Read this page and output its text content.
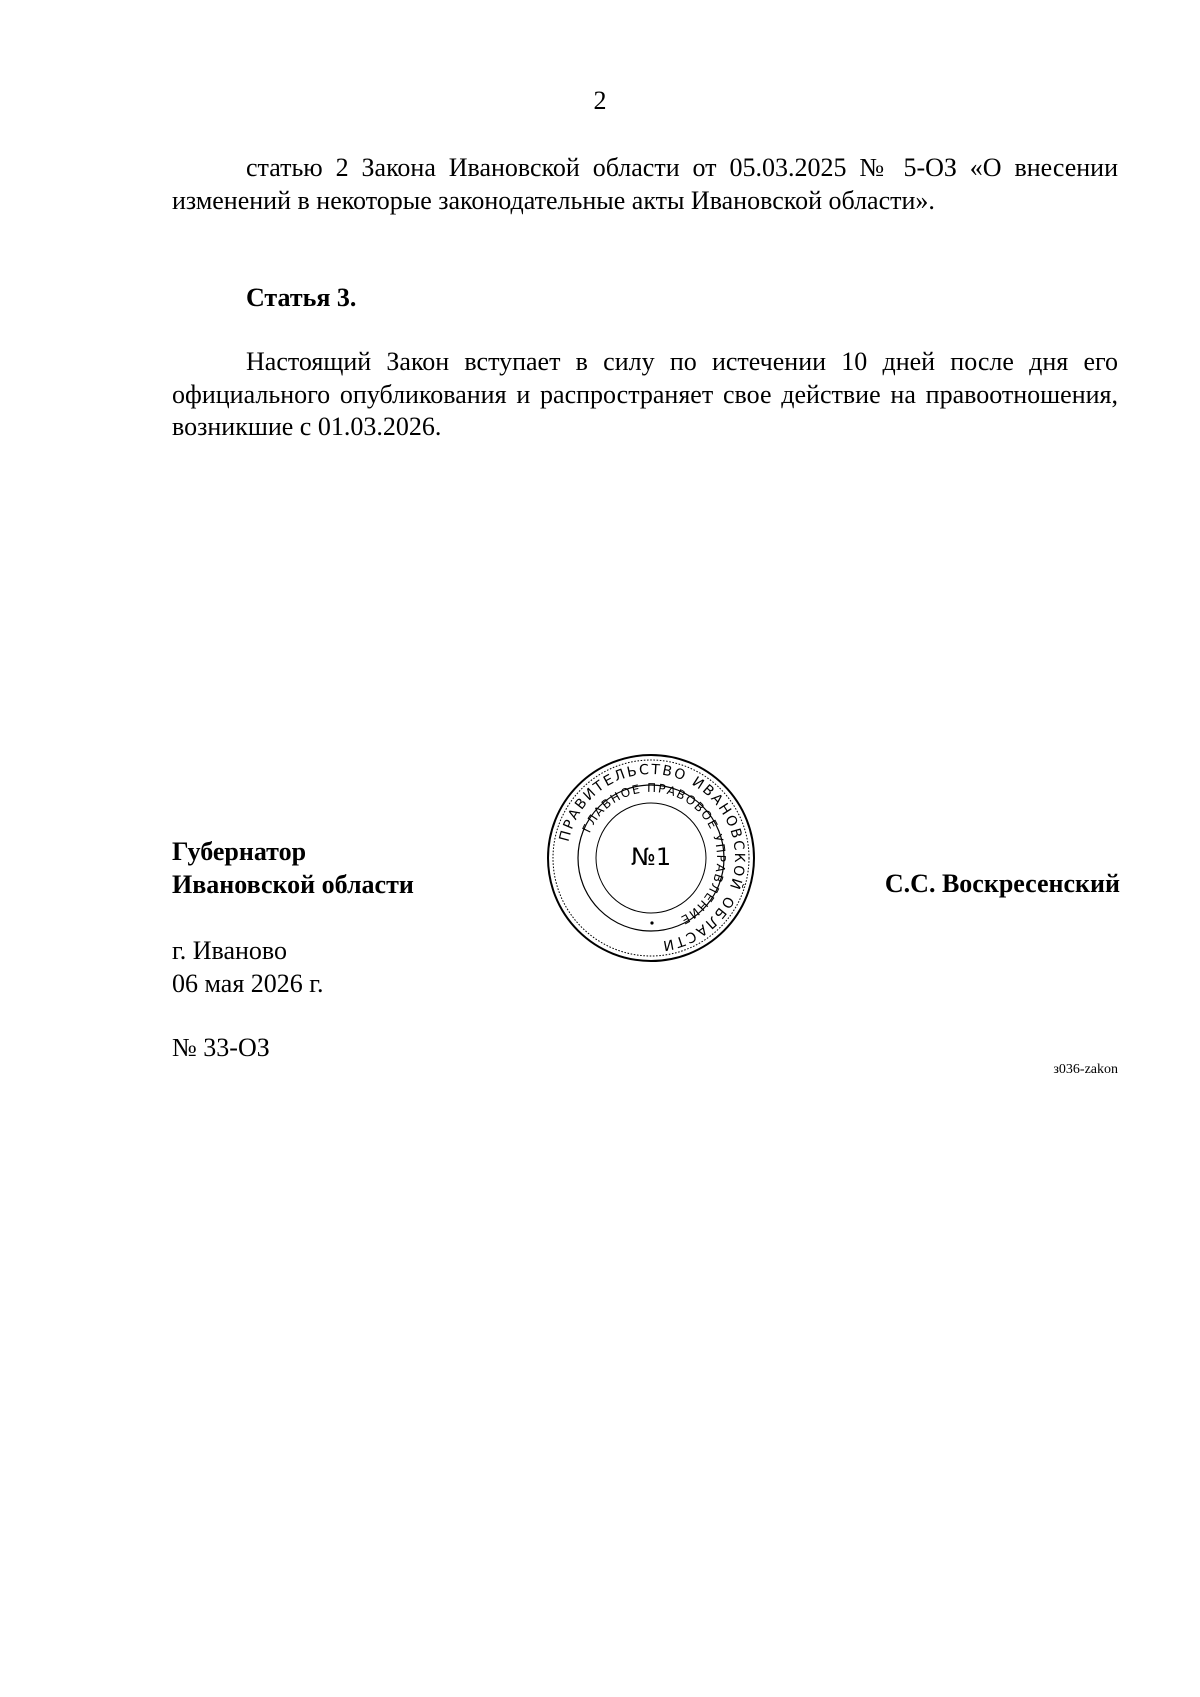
2

статью 2 Закона Ивановской области от 05.03.2025 № 5-ОЗ «О внесении изменений в некоторые законодательные акты Ивановской области».

Статья 3.

Настоящий Закон вступает в силу по истечении 10 дней после дня его официального опубликования и распространяет свое действие на правоотношения, возникшие с 01.03.2026.

Губернатор
Ивановской области	С.С. Воскресенский
ПРАВИТЕЛЬСТВО ИВАНОВСКОЙ ОБЛАСТИ
ГЛАВНОЕ ПРАВОВОЕ УПРАВЛЕНИЕ
№1
г. Иваново
06 мая 2026 г.
№ 33-ОЗ
з036-zakon
